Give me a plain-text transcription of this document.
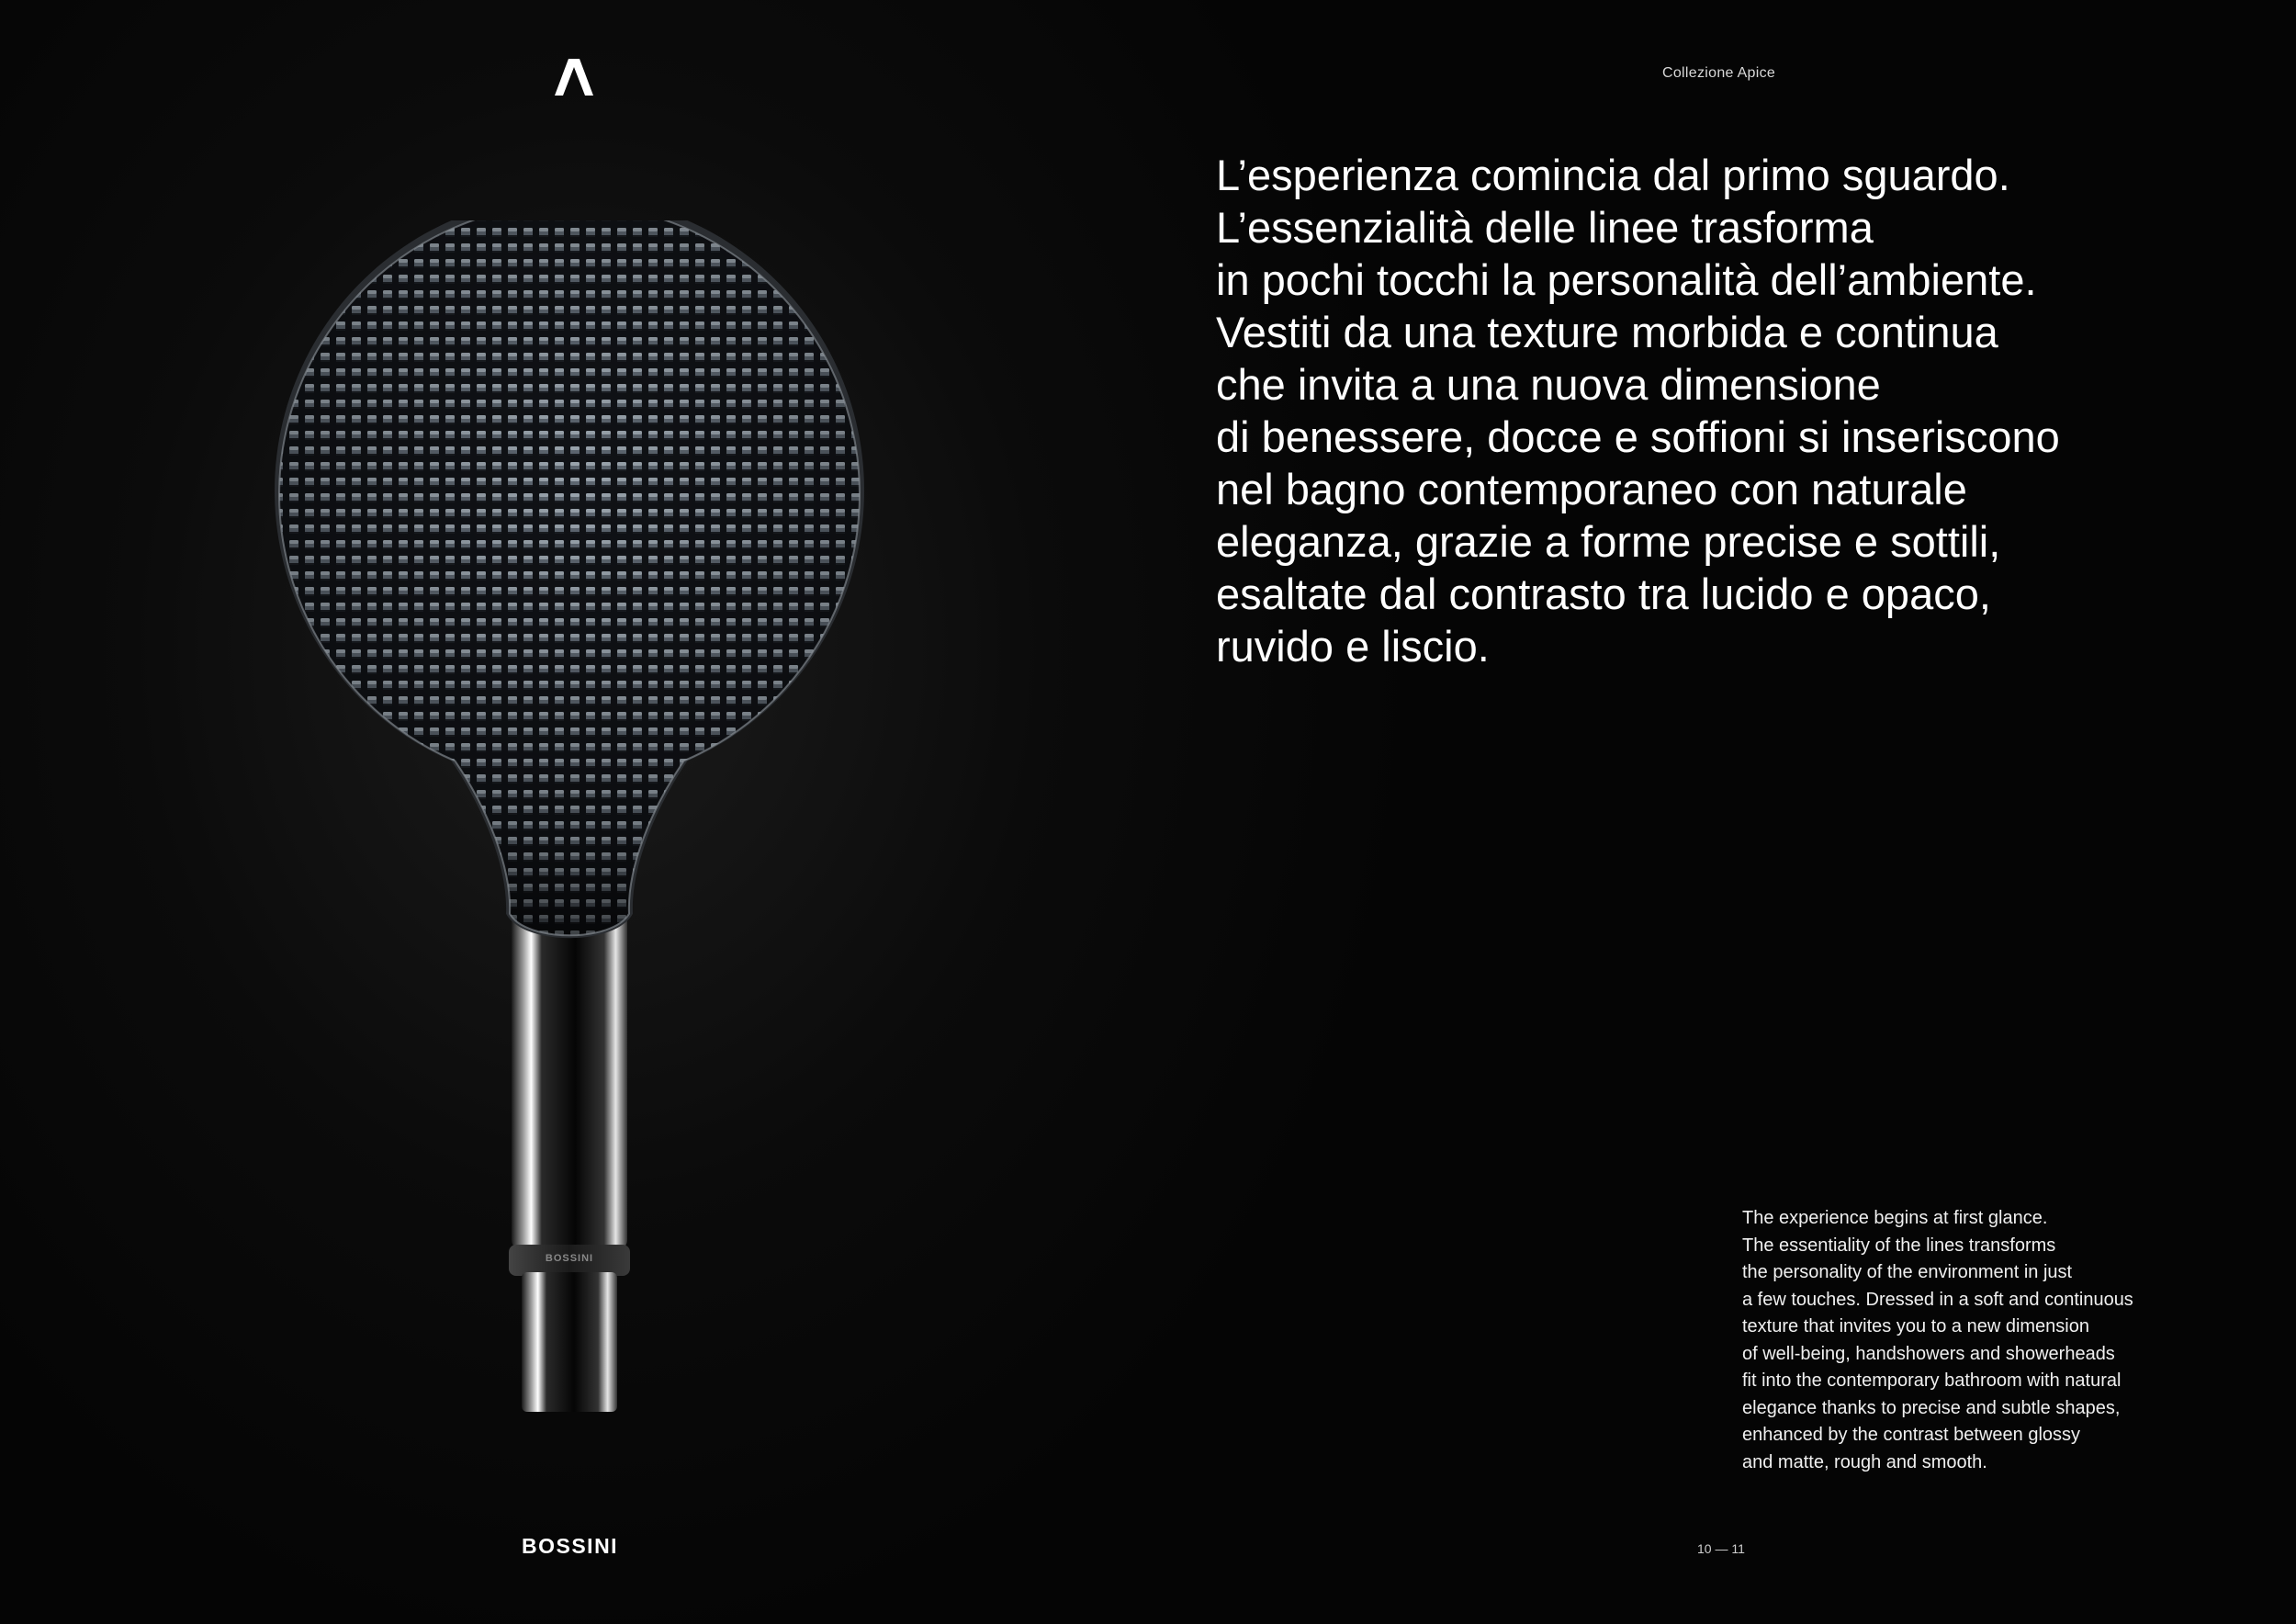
BOSSINI
BOSSINI
Collezione Apice

L’esperienza comincia dal primo sguardo.
L’essenzialità delle linee trasforma
in pochi tocchi la personalità dell’ambiente.
Vestiti da una texture morbida e continua
che invita a una nuova dimensione
di benessere, docce e soffioni si inseriscono
nel bagno contemporaneo con naturale
eleganza, grazie a forme precise e sottili,
esaltate dal contrasto tra lucido e opaco,
ruvido e liscio.

The experience begins at first glance.
The essentiality of the lines transforms
the personality of the environment in just
a few touches. Dressed in a soft and continuous
texture that invites you to a new dimension
of well-being, handshowers and showerheads
fit into the contemporary bathroom with natural
elegance thanks to precise and subtle shapes,
enhanced by the contrast between glossy
and matte, rough and smooth.

10 — 11
